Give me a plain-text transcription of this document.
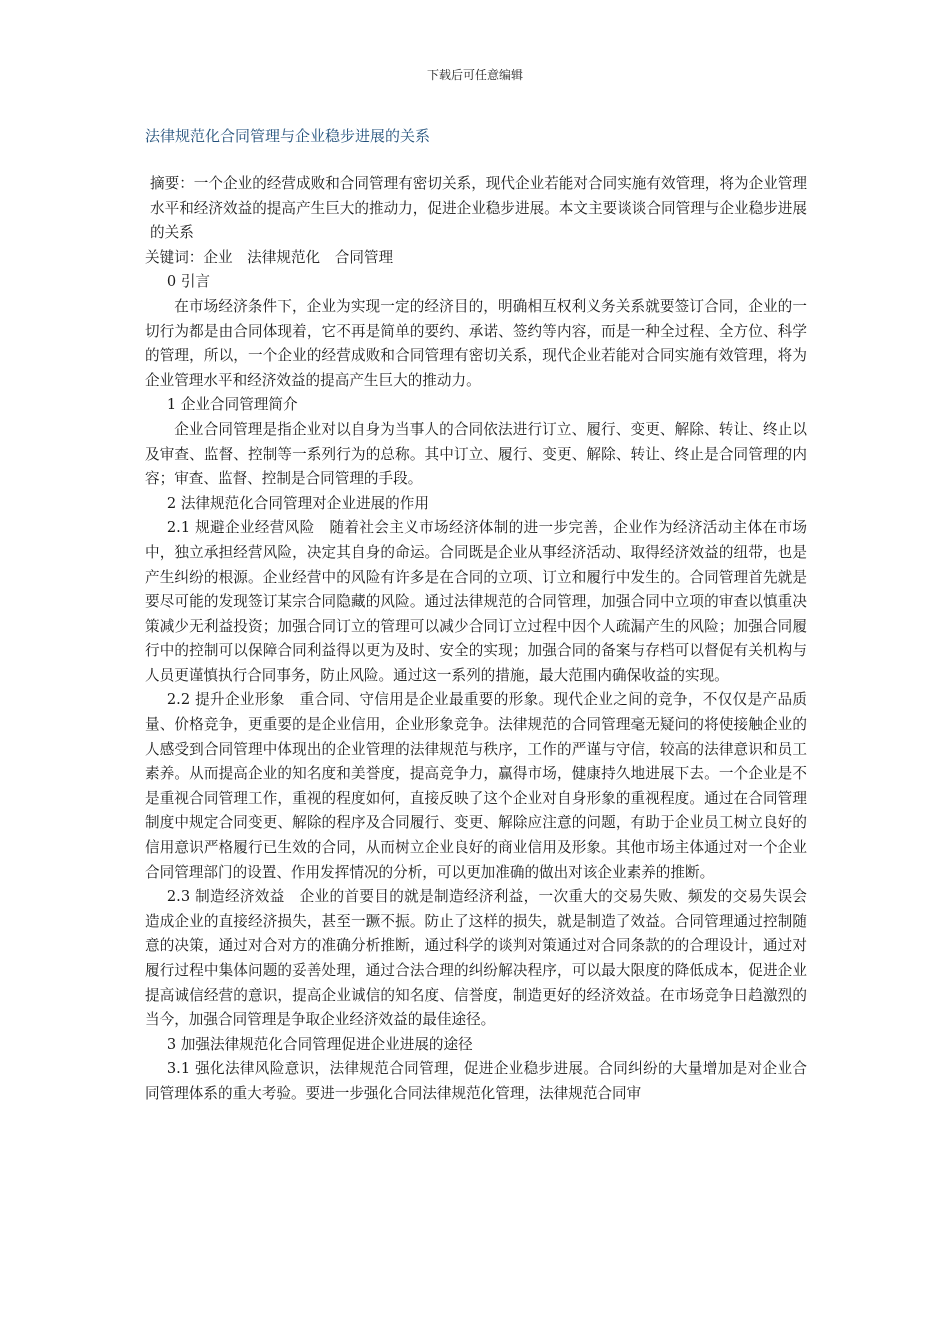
下载后可任意编辑
法律规范化合同管理与企业稳步进展的关系

摘要：一个企业的经营成败和合同管理有密切关系，现代企业若能对合同实施有效管理，将为企业管理水平和经济效益的提高产生巨大的推动力，促进企业稳步进展。本文主要谈谈合同管理与企业稳步进展的关系

关键词：企业　法律规范化　合同管理

0 引言

在市场经济条件下，企业为实现一定的经济目的，明确相互权利义务关系就要签订合同，企业的一切行为都是由合同体现着，它不再是简单的要约、承诺、签约等内容，而是一种全过程、全方位、科学的管理，所以，一个企业的经营成败和合同管理有密切关系，现代企业若能对合同实施有效管理，将为企业管理水平和经济效益的提高产生巨大的推动力。

1 企业合同管理简介

企业合同管理是指企业对以自身为当事人的合同依法进行订立、履行、变更、解除、转让、终止以及审查、监督、控制等一系列行为的总称。其中订立、履行、变更、解除、转让、终止是合同管理的内容；审查、监督、控制是合同管理的手段。

2 法律规范化合同管理对企业进展的作用

2.1 规避企业经营风险　随着社会主义市场经济体制的进一步完善，企业作为经济活动主体在市场中，独立承担经营风险，决定其自身的命运。合同既是企业从事经济活动、取得经济效益的纽带，也是产生纠纷的根源。企业经营中的风险有许多是在合同的立项、订立和履行中发生的。合同管理首先就是要尽可能的发现签订某宗合同隐藏的风险。通过法律规范的合同管理，加强合同中立项的审查以慎重决策减少无利益投资；加强合同订立的管理可以减少合同订立过程中因个人疏漏产生的风险；加强合同履行中的控制可以保障合同利益得以更为及时、安全的实现；加强合同的备案与存档可以督促有关机构与人员更谨慎执行合同事务，防止风险。通过这一系列的措施，最大范围内确保收益的实现。

2.2 提升企业形象　重合同、守信用是企业最重要的形象。现代企业之间的竞争，不仅仅是产品质量、价格竞争，更重要的是企业信用，企业形象竞争。法律规范的合同管理毫无疑问的将使接触企业的人感受到合同管理中体现出的企业管理的法律规范与秩序，工作的严谨与守信，较高的法律意识和员工素养。从而提高企业的知名度和美誉度，提高竞争力，赢得市场，健康持久地进展下去。一个企业是不是重视合同管理工作，重视的程度如何，直接反映了这个企业对自身形象的重视程度。通过在合同管理制度中规定合同变更、解除的程序及合同履行、变更、解除应注意的问题，有助于企业员工树立良好的信用意识严格履行已生效的合同，从而树立企业良好的商业信用及形象。其他市场主体通过对一个企业合同管理部门的设置、作用发挥情况的分析，可以更加准确的做出对该企业素养的推断。

2.3 制造经济效益　企业的首要目的就是制造经济利益，一次重大的交易失败、频发的交易失误会造成企业的直接经济损失，甚至一蹶不振。防止了这样的损失，就是制造了效益。合同管理通过控制随意的决策，通过对合对方的准确分析推断，通过科学的谈判对策通过对合同条款的的合理设计，通过对履行过程中集体问题的妥善处理，通过合法合理的纠纷解决程序，可以最大限度的降低成本，促进企业提高诚信经营的意识，提高企业诚信的知名度、信誉度，制造更好的经济效益。在市场竞争日趋激烈的当今，加强合同管理是争取企业经济效益的最佳途径。

3 加强法律规范化合同管理促进企业进展的途径

3.1 强化法律风险意识，法律规范合同管理，促进企业稳步进展。合同纠纷的大量增加是对企业合同管理体系的重大考验。要进一步强化合同法律规范化管理，法律规范合同审
